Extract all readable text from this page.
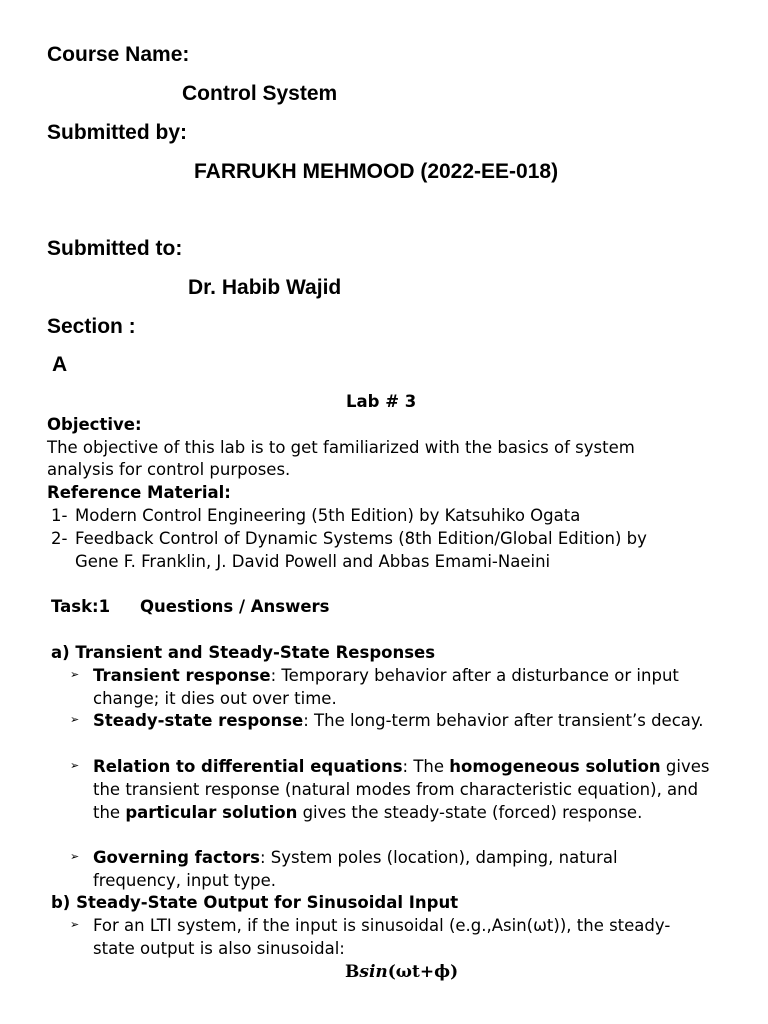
Course Name:
Control System
Submitted by:
FARRUKH MEHMOOD (2022-EE-018)
Submitted to:
Dr. Habib Wajid
Section :
A
Lab # 3
Objective:
The objective of this lab is to get familiarized with the basics of system
analysis for control purposes.
Reference Material:
1- Modern Control Engineering (5th Edition) by Katsuhiko Ogata
2- Feedback Control of Dynamic Systems (8th Edition/Global Edition) by
Gene F. Franklin, J. David Powell and Abbas Emami-Naeini
Task:1 Questions / Answers
a) Transient and Steady-State Responses
➢ Transient response: Temporary behavior after a disturbance or input change; it dies out over time.
➢ Steady-state response: The long-term behavior after transient’s decay.
➢ Relation to differential equations: The homogeneous solution gives the transient response (natural modes from characteristic equation), and the particular solution gives the steady-state (forced) response.
➢ Governing factors: System poles (location), damping, natural frequency, input type.
b) Steady-State Output for Sinusoidal Input
➢ For an LTI system, if the input is sinusoidal (e.g.,Asin(ωt)), the steady-state output is also sinusoidal:
Bsin(ωt+ϕ)
